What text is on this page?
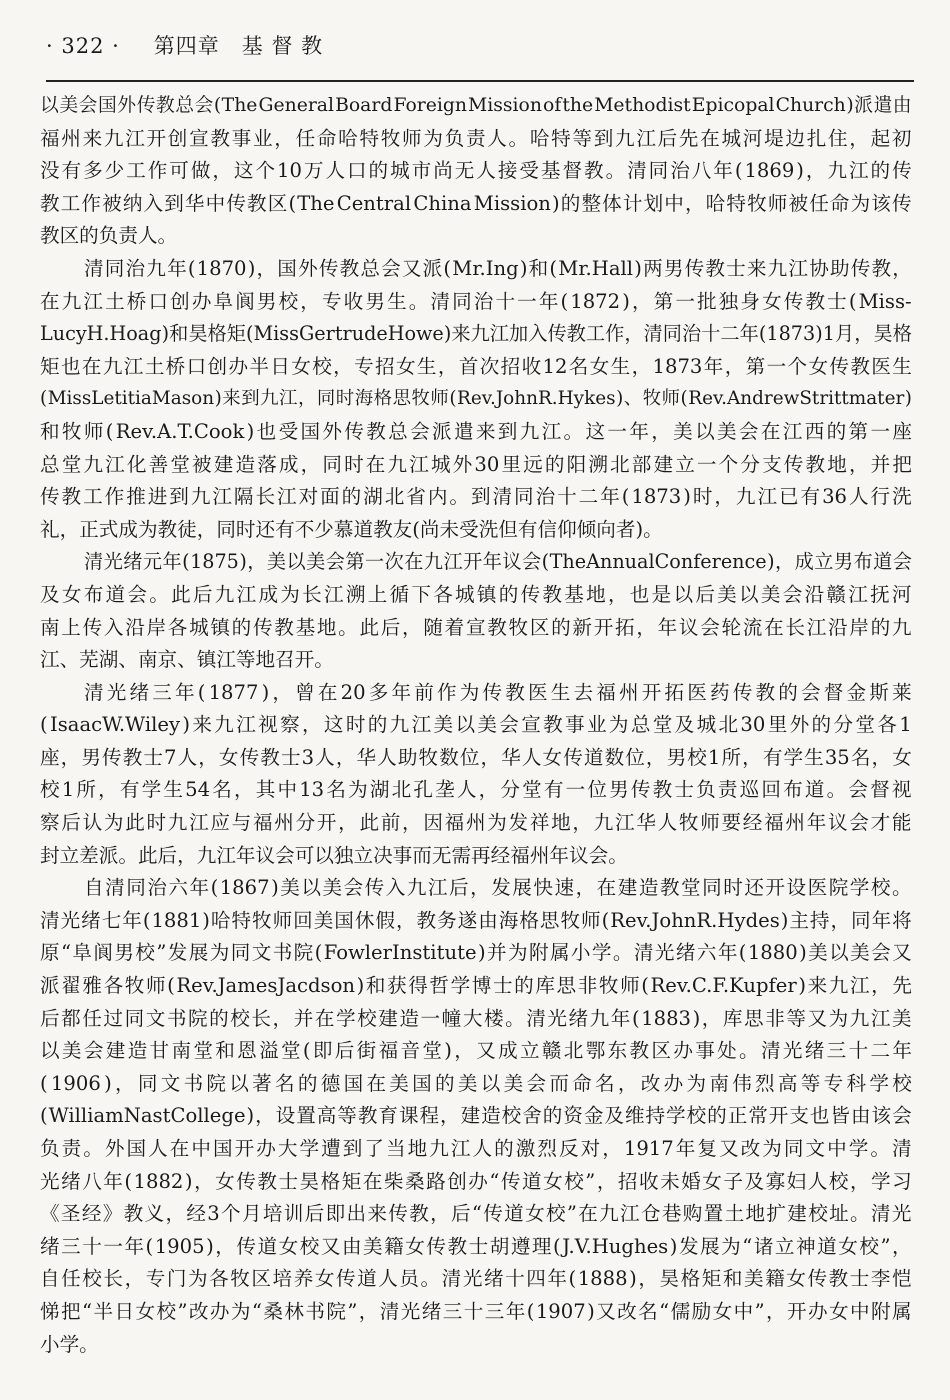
· 322 · 第四章 基 督 教
以 美 会 国 外 传 教 总 会 ( The General Board Foreign Mission of the Methodist Epicopal Church ) 派 遣 由
福 州 来 九 江 开 创 宣 教 事 业 ， 任 命 哈 特 牧 师 为 负 责 人 。 哈 特 等 到 九 江 后 先 在 城 河 堤 边 扎 住 ， 起 初
没 有 多 少 工 作 可 做 ， 这 个 10 万 人 口 的 城 市 尚 无 人 接 受 基 督 教 。 清 同 治 八 年 ( 1869 ) ， 九 江 的 传
教 工 作 被 纳 入 到 华 中 传 教 区 ( The Central China Mission ) 的 整 体 计 划 中 ， 哈 特 牧 师 被 任 命 为 该 传
教区的负责人。
清 同 治 九 年 ( 1870 ) ， 国 外 传 教 总 会 又 派 ( Mr.Ing ) 和 ( Mr.Hall ) 两 男 传 教 士 来 九 江 协 助 传 教 ，
在 九 江 土 桥 口 创 办 阜 阆 男 校 ， 专 收 男 生 。 清 同 治 十 一 年 ( 1872 ) ， 第 一 批 独 身 女 传 教 士 ( Miss-
LucyH.Hoag ) 和 昊 格 矩 ( MissGertrudeHowe ) 来 九 江 加 入 传 教 工 作 ， 清 同 治 十 二 年 ( 1873 ) 1 月 ， 昊 格
矩 也 在 九 江 土 桥 口 创 办 半 日 女 校 ， 专 招 女 生 ， 首 次 招 收 12 名 女 生 ， 1873 年 ， 第 一 个 女 传 教 医 生
( MissLetitiaMason ) 来 到 九 江 ， 同 时 海 格 思 牧 师 ( Rev.JohnR.Hykes ) 、 牧 师 ( Rev.AndrewStrittmater )
和 牧 师 ( Rev.A.T.Cook ) 也 受 国 外 传 教 总 会 派 遣 来 到 九 江 。 这 一 年 ， 美 以 美 会 在 江 西 的 第 一 座
总 堂 九 江 化 善 堂 被 建 造 落 成 ， 同 时 在 九 江 城 外 30 里 远 的 阳 溯 北 部 建 立 一 个 分 支 传 教 地 ， 并 把
传 教 工 作 推 进 到 九 江 隔 长 江 对 面 的 湖 北 省 内 。 到 清 同 治 十 二 年 ( 1873 ) 时 ， 九 江 已 有 36 人 行 洗
礼，正式成为教徒，同时还有不少慕道教友(尚未受洗但有信仰倾向者)。
清 光 绪 元 年 ( 1875 ) ， 美 以 美 会 第 一 次 在 九 江 开 年 议 会 ( TheAnnualConference ) ， 成 立 男 布 道 会
及 女 布 道 会 。 此 后 九 江 成 为 长 江 溯 上 循 下 各 城 镇 的 传 教 基 地 ， 也 是 以 后 美 以 美 会 沿 赣 江 抚 河
南 上 传 入 沿 岸 各 城 镇 的 传 教 基 地 。 此 后 ， 随 着 宣 教 牧 区 的 新 开 拓 ， 年 议 会 轮 流 在 长 江 沿 岸 的 九
江、芜湖、南京、镇江等地召开。
清 光 绪 三 年 ( 1877 ) ， 曾 在 20 多 年 前 作 为 传 教 医 生 去 福 州 开 拓 医 药 传 教 的 会 督 金 斯 莱
( IsaacW.Wiley ) 来 九 江 视 察 ， 这 时 的 九 江 美 以 美 会 宣 教 事 业 为 总 堂 及 城 北 30 里 外 的 分 堂 各 1
座 ， 男 传 教 士 7 人 ， 女 传 教 士 3 人 ， 华 人 助 牧 数 位 ， 华 人 女 传 道 数 位 ， 男 校 1 所 ， 有 学 生 35 名 ， 女
校 1 所 ， 有 学 生 54 名 ， 其 中 13 名 为 湖 北 孔 垄 人 ， 分 堂 有 一 位 男 传 教 士 负 责 巡 回 布 道 。 会 督 视
察 后 认 为 此 时 九 江 应 与 福 州 分 开 ， 此 前 ， 因 福 州 为 发 祥 地 ， 九 江 华 人 牧 师 要 经 福 州 年 议 会 才 能
封立差派。此后，九江年议会可以独立决事而无需再经福州年议会。
自 清 同 治 六 年 ( 1867 ) 美 以 美 会 传 入 九 江 后 ， 发 展 快 速 ， 在 建 造 教 堂 同 时 还 开 设 医 院 学 校 。
清 光 绪 七 年 ( 1881 ) 哈 特 牧 师 回 美 国 休 假 ， 教 务 遂 由 海 格 思 牧 师 ( Rev.JohnR.Hydes ) 主 持 ， 同 年 将
原 “ 阜 阆 男 校 ” 发 展 为 同 文 书 院 ( FowlerInstitute ) 并 为 附 属 小 学 。 清 光 绪 六 年 ( 1880 ) 美 以 美 会 又
派 翟 雅 各 牧 师 ( Rev.JamesJacdson ) 和 获 得 哲 学 博 士 的 库 思 非 牧 师 ( Rev.C.F.Kupfer ) 来 九 江 ， 先
后 都 任 过 同 文 书 院 的 校 长 ， 并 在 学 校 建 造 一 幢 大 楼 。 清 光 绪 九 年 ( 1883 ) ， 库 思 非 等 又 为 九 江 美
以 美 会 建 造 甘 南 堂 和 恩 溢 堂 ( 即 后 街 福 音 堂 ) ， 又 成 立 赣 北 鄂 东 教 区 办 事 处 。 清 光 绪 三 十 二 年
( 1906 ) ， 同 文 书 院 以 著 名 的 德 国 在 美 国 的 美 以 美 会 而 命 名 ， 改 办 为 南 伟 烈 高 等 专 科 学 校
( WilliamNastCollege ) ， 设 置 高 等 教 育 课 程 ， 建 造 校 舍 的 资 金 及 维 持 学 校 的 正 常 开 支 也 皆 由 该 会
负 责 。 外 国 人 在 中 国 开 办 大 学 遭 到 了 当 地 九 江 人 的 激 烈 反 对 ， 1917 年 复 又 改 为 同 文 中 学 。 清
光 绪 八 年 ( 1882 ) ， 女 传 教 士 昊 格 矩 在 柴 桑 路 创 办 “ 传 道 女 校 ” ， 招 收 未 婚 女 子 及 寡 妇 人 校 ， 学 习
《 圣 经 》 教 义 ， 经 3 个 月 培 训 后 即 出 来 传 教 ， 后 “ 传 道 女 校 ” 在 九 江 仓 巷 购 置 土 地 扩 建 校 址 。 清 光
绪 三 十 一 年 ( 1905 ) ， 传 道 女 校 又 由 美 籍 女 传 教 士 胡 遵 理 ( J.V.Hughes ) 发 展 为 “ 诸 立 神 道 女 校 ” ，
自 任 校 长 ， 专 门 为 各 牧 区 培 养 女 传 道 人 员 。 清 光 绪 十 四 年 ( 1888 ) ， 昊 格 矩 和 美 籍 女 传 教 士 李 恺
悌 把 “ 半 日 女 校 ” 改 办 为 “ 桑 林 书 院 ” ， 清 光 绪 三 十 三 年 ( 1907 ) 又 改 名 “ 儒 励 女 中 ” ， 开 办 女 中 附 属
小学。
